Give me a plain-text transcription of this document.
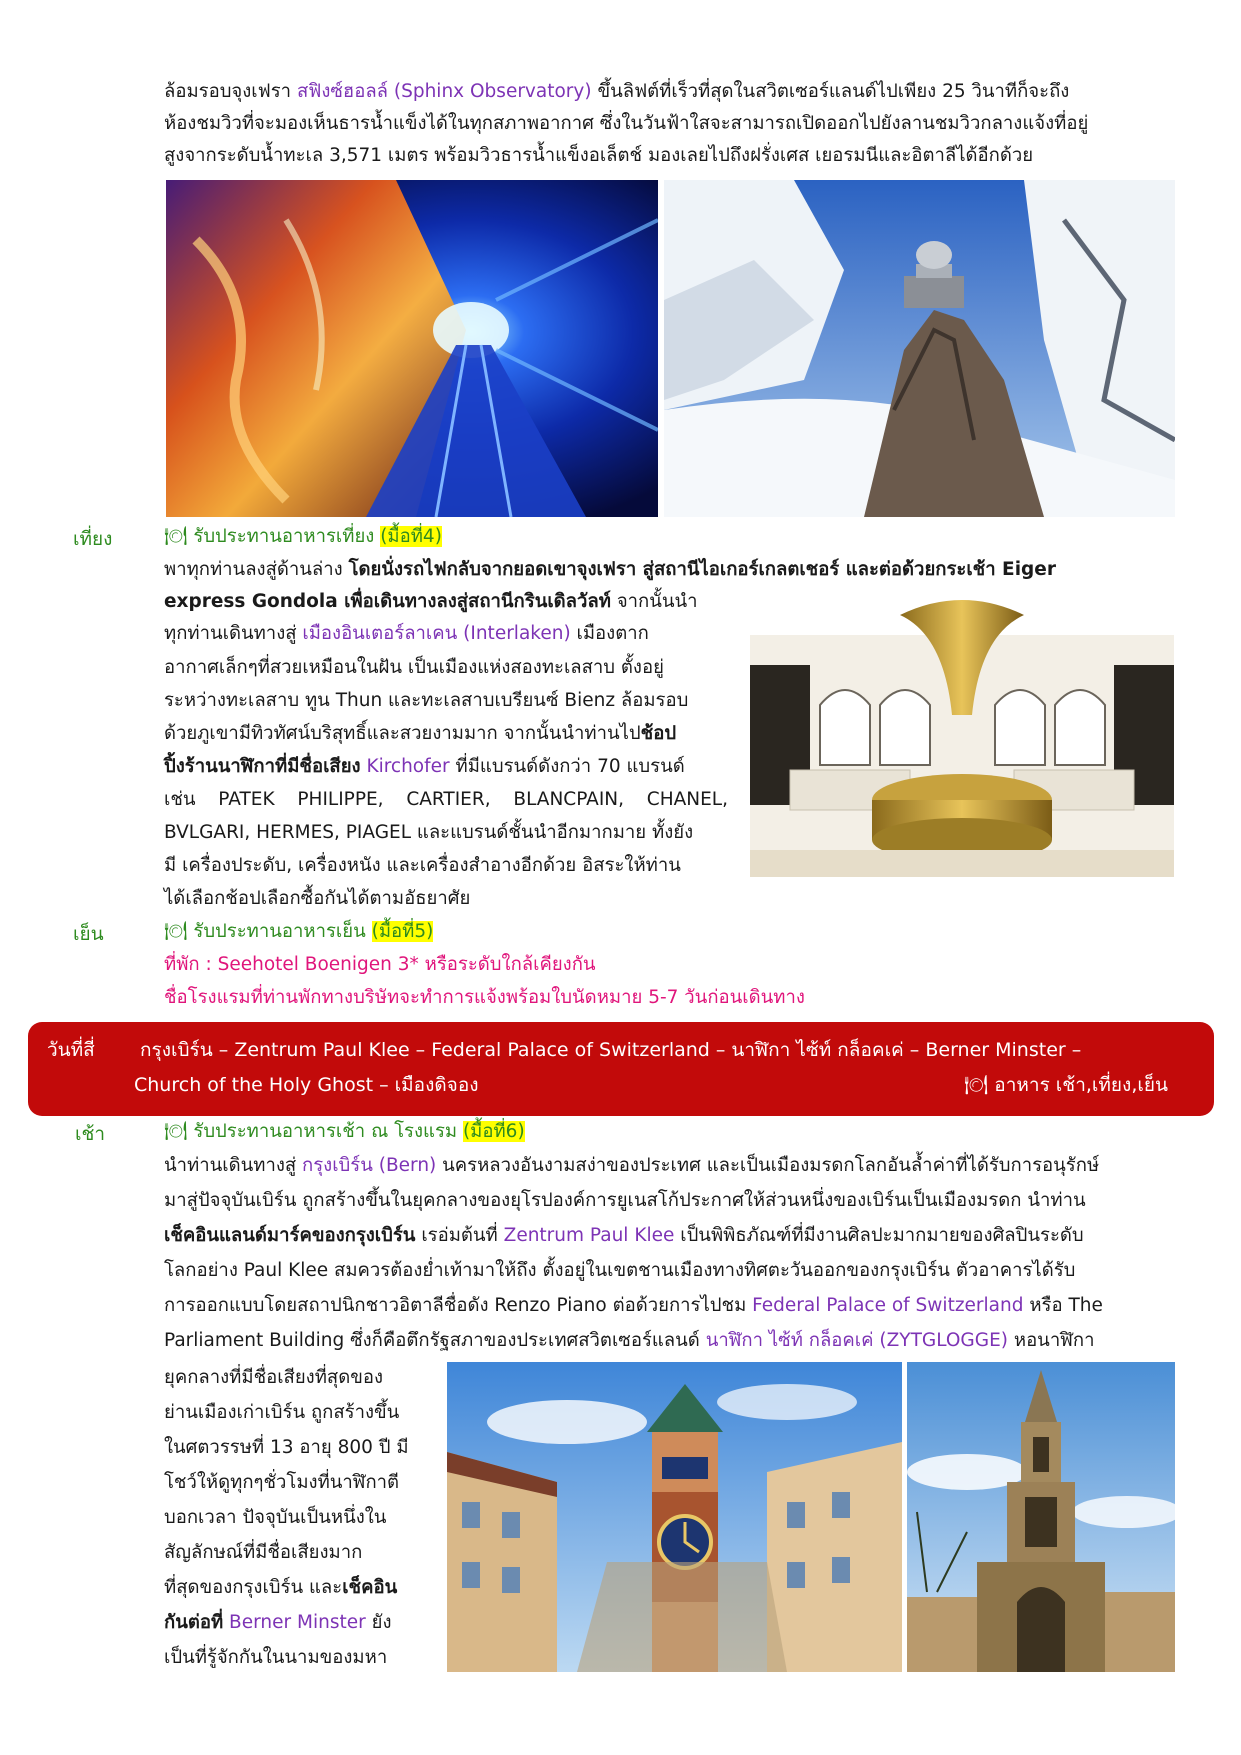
ล้อมรอบจุงเฟรา สฟิงซ์ฮอลล์ (Sphinx Observatory) ขึ้นลิฟต์ที่เร็วที่สุดในสวิตเซอร์แลนด์ไปเพียง 25 วินาทีก็จะถึง
ห้องชมวิวที่จะมองเห็นธารน้ำแข็งได้ในทุกสภาพอากาศ ซึ่งในวันฟ้าใสจะสามารถเปิดออกไปยังลานชมวิวกลางแจ้งที่อยู่
สูงจากระดับน้ำทะเล 3,571 เมตร พร้อมวิวธารน้ำแข็งอเล็ตช์ มองเลยไปถึงฝรั่งเศส เยอรมนีและอิตาลีได้อีกด้วย
เที่ยง	🍽 รับประทานอาหารเที่ยง (มื้อที่4)
พาทุกท่านลงสู่ด้านล่าง โดยนั่งรถไฟกลับจากยอดเขาจุงเฟรา สู่สถานีไอเกอร์เกลตเชอร์ และต่อด้วยกระเช้า Eiger
express Gondola เพื่อเดินทางลงสู่สถานีกรินเดิลวัลท์ จากนั้นนำ
ทุกท่านเดินทางสู่ เมืองอินเตอร์ลาเคน (Interlaken) เมืองตาก
อากาศเล็กๆที่สวยเหมือนในฝัน เป็นเมืองแห่งสองทะเลสาบ ตั้งอยู่
ระหว่างทะเลสาบ ทูน Thun และทะเลสาบเบรียนซ์ Bienz ล้อมรอบ
ด้วยภูเขามีทิวทัศน์บริสุทธิ์และสวยงามมาก จากนั้นนำท่านไปช้อป
ปิ้งร้านนาฬิกาที่มีชื่อเสียง Kirchofer ที่มีแบรนด์ดังกว่า 70 แบรนด์
เช่น PATEK PHILIPPE, CARTIER, BLANCPAIN, CHANEL,
BVLGARI, HERMES, PIAGEL และแบรนด์ชั้นนำอีกมากมาย ทั้งยัง
มี เครื่องประดับ, เครื่องหนัง และเครื่องสำอางอีกด้วย อิสระให้ท่าน
ได้เลือกช้อปเลือกซื้อกันได้ตามอัธยาศัย
เย็น	🍽 รับประทานอาหารเย็น (มื้อที่5)
ที่พัก : Seehotel Boenigen 3* หรือระดับใกล้เคียงกัน
ชื่อโรงแรมที่ท่านพักทางบริษัทจะทำการแจ้งพร้อมใบนัดหมาย 5-7 วันก่อนเดินทาง
วันที่สี่ กรุงเบิร์น – Zentrum Paul Klee – Federal Palace of Switzerland – นาฬิกา ไซ้ท์ กล็อคเค่ – Berner Minster –
Church of the Holy Ghost – เมืองดิจอง	🍽 อาหาร เช้า,เที่ยง,เย็น
เช้า	🍽 รับประทานอาหารเช้า ณ โรงแรม (มื้อที่6)
นำท่านเดินทางสู่ กรุงเบิร์น (Bern) นครหลวงอันงามสง่าของประเทศ และเป็นเมืองมรดกโลกอันล้ำค่าที่ได้รับการอนุรักษ์
มาสู่ปัจจุบันเบิร์น ถูกสร้างขึ้นในยุคกลางของยุโรปองค์การยูเนสโก้ประกาศให้ส่วนหนึ่งของเบิร์นเป็นเมืองมรดก นำท่าน
เช็คอินแลนด์มาร์คของกรุงเบิร์น เรอ่มต้นที่ Zentrum Paul Klee เป็นพิพิธภัณฑ์ที่มีงานศิลปะมากมายของศิลปินระดับ
โลกอย่าง Paul Klee สมควรต้องย่ำเท้ามาให้ถึง ตั้งอยู่ในเขตชานเมืองทางทิศตะวันออกของกรุงเบิร์น ตัวอาคารได้รับ
การออกแบบโดยสถาปนิกชาวอิตาลีชื่อดัง Renzo Piano ต่อด้วยการไปชม Federal Palace of Switzerland หรือ The
Parliament Building ซึ่งก็คือตึกรัฐสภาของประเทศสวิตเซอร์แลนด์ นาฬิกา ไซ้ท์ กล็อคเค่ (ZYTGLOGGE) หอนาฬิกา
ยุคกลางที่มีชื่อเสียงที่สุดของ
ย่านเมืองเก่าเบิร์น ถูกสร้างขึ้น
ในศตวรรษที่ 13 อายุ 800 ปี มี
โชว์ให้ดูทุกๆชั่วโมงที่นาฬิกาตี
บอกเวลา ปัจจุบันเป็นหนึ่งใน
สัญลักษณ์ที่มีชื่อเสียงมาก
ที่สุดของกรุงเบิร์น และเช็คอิน
กันต่อที่ Berner Minster ยัง
เป็นที่รู้จักกันในนามของมหา
